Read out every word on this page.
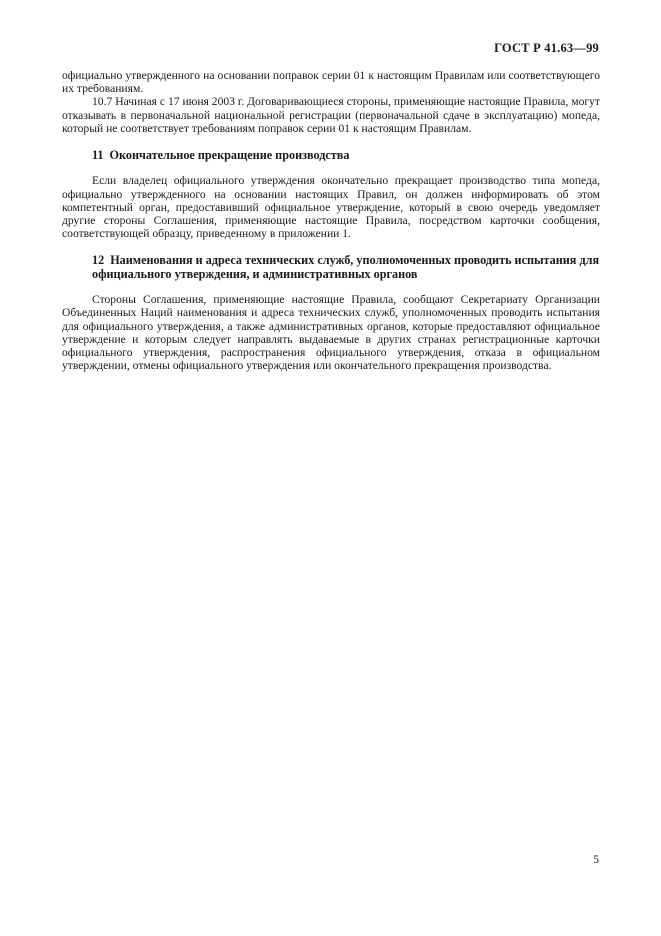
ГОСТ Р 41.63—99

официально утвержденного на основании поправок серии 01 к настоящим Правилам или соответствующего их требованиям.

10.7 Начиная с 17 июня 2003 г. Договаривающиеся стороны, применяющие настоящие Правила, могут отказывать в первоначальной национальной регистрации (первоначальной сдаче в эксплуатацию) мопеда, который не соответствует требованиям поправок серии 01 к настоящим Правилам.

11 Окончательное прекращение производства

Если владелец официального утверждения окончательно прекращает производство типа мопеда, официально утвержденного на основании настоящих Правил, он должен информировать об этом компетентный орган, предоставивший официальное утверждение, который в свою очередь уведомляет другие стороны Соглашения, применяющие настоящие Правила, посредством карточки сообщения, соответствующей образцу, приведенному в приложении 1.

12 Наименования и адреса технических служб, уполномоченных проводить испытания для официального утверждения, и административных органов

Стороны Соглашения, применяющие настоящие Правила, сообщают Секретариату Организации Объединенных Наций наименования и адреса технических служб, уполномоченных проводить испытания для официального утверждения, а также административных органов, которые предоставляют официальное утверждение и которым следует направлять выдаваемые в других странах регистрационные карточки официального утверждения, распространения официального утверждения, отказа в официальном утверждении, отмены официального утверждения или окончательного прекращения производства.

5
